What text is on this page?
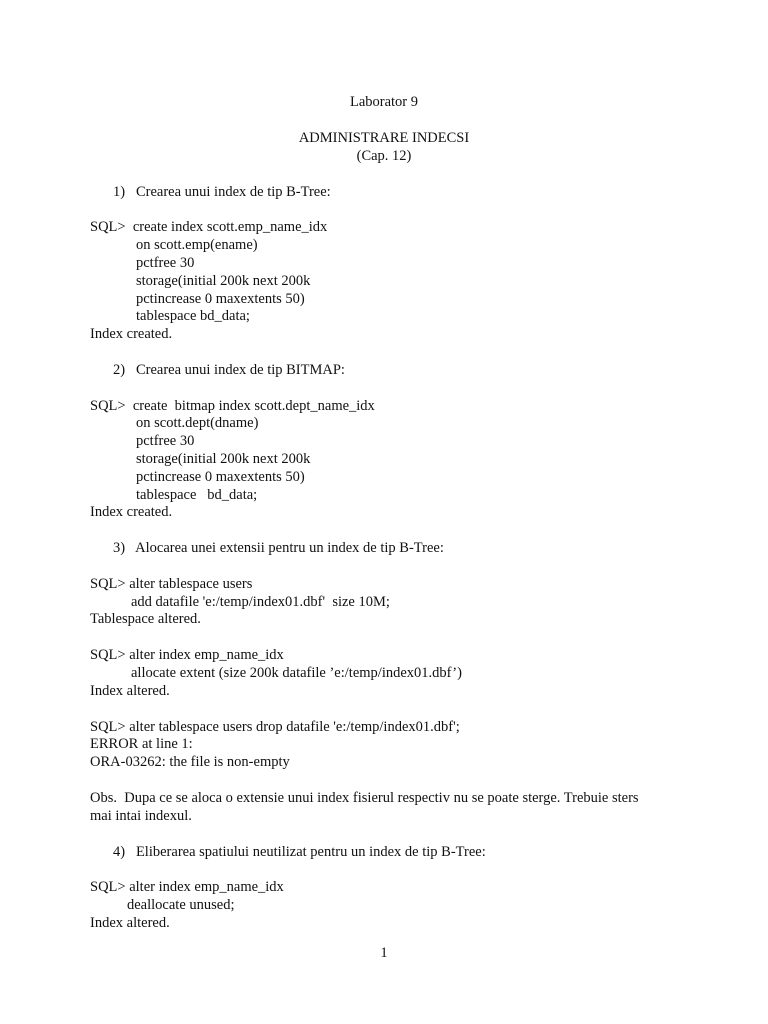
Laborator 9

ADMINISTRARE INDECSI

(Cap. 12)

1)   Crearea unui index de tip B-Tree:

SQL>  create index scott.emp_name_idx

on scott.emp(ename)

pctfree 30

storage(initial 200k next 200k

pctincrease 0 maxextents 50)

tablespace bd_data;

Index created.

2)   Crearea unui index de tip BITMAP:

SQL>  create  bitmap index scott.dept_name_idx

on scott.dept(dname)

pctfree 30

storage(initial 200k next 200k

pctincrease 0 maxextents 50)

tablespace   bd_data;

Index created.

3)   Alocarea unei extensii pentru un index de tip B-Tree:

SQL> alter tablespace users

add datafile 'e:/temp/index01.dbf'  size 10M;

Tablespace altered.

SQL> alter index emp_name_idx

allocate extent (size 200k datafile ’e:/temp/index01.dbf’)

Index altered.

SQL> alter tablespace users drop datafile 'e:/temp/index01.dbf';

ERROR at line 1:

ORA-03262: the file is non-empty

Obs.  Dupa ce se aloca o extensie unui index fisierul respectiv nu se poate sterge. Trebuie sters

mai intai indexul.

4)   Eliberarea spatiului neutilizat pentru un index de tip B-Tree:

SQL> alter index emp_name_idx

deallocate unused;

Index altered.

1
